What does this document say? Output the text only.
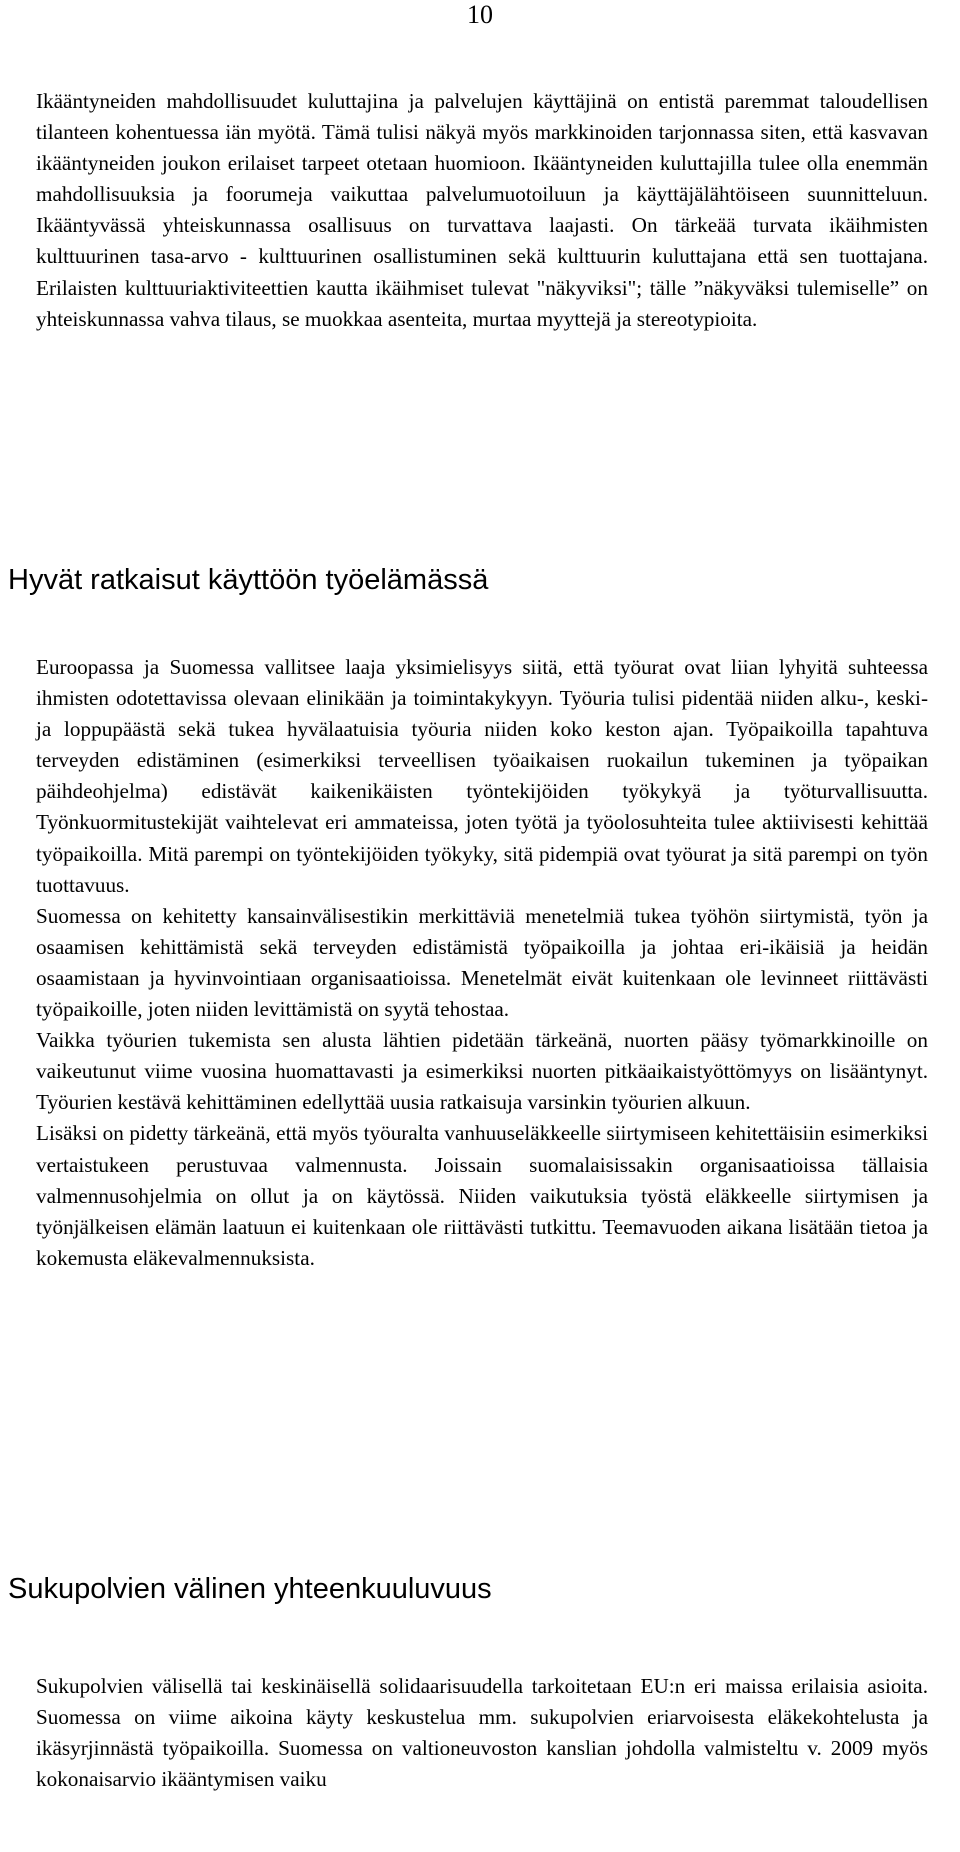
10

Ikääntyneiden mahdollisuudet kuluttajina ja palvelujen käyttäjinä on entistä paremmat taloudellisen tilanteen kohentuessa iän myötä. Tämä tulisi näkyä myös markkinoiden tarjonnassa siten, että kasvavan ikääntyneiden joukon erilaiset tarpeet otetaan huomioon. Ikääntyneiden kuluttajilla tulee olla enemmän mahdollisuuksia ja foorumeja vaikuttaa palvelumuotoiluun ja käyttäjälähtöiseen suunnitteluun. Ikääntyvässä yhteiskunnassa osallisuus on turvattava laajasti. On tärkeää turvata ikäihmisten kulttuurinen tasa-arvo - kulttuurinen osallistuminen sekä kulttuurin kuluttajana että sen tuottajana. Erilaisten kulttuuriaktiviteettien kautta ikäihmiset tulevat "näkyviksi"; tälle ”näkyväksi tulemiselle” on yhteiskunnassa vahva tilaus, se muokkaa asenteita, murtaa myyttejä ja stereotypioita.

Hyvät ratkaisut käyttöön työelämässä

Euroopassa ja Suomessa vallitsee laaja yksimielisyys siitä, että työurat ovat liian lyhyitä suhteessa ihmisten odotettavissa olevaan elinikään ja toimintakykyyn. Työuria tulisi pidentää niiden alku-, keski- ja loppupäästä sekä tukea hyvälaatuisia työuria niiden koko keston ajan. Työpaikoilla tapahtuva terveyden edistäminen (esimerkiksi terveellisen työaikaisen ruokailun tukeminen ja työpaikan päihdeohjelma) edistävät kaikenikäisten työntekijöiden työkykyä ja työturvallisuutta. Työnkuormitustekijät vaihtelevat eri ammateissa, joten työtä ja työolosuhteita tulee aktiivisesti kehittää työpaikoilla. Mitä parempi on työntekijöiden työkyky, sitä pidempiä ovat työurat ja sitä parempi on työn tuottavuus.

Suomessa on kehitetty kansainvälisestikin merkittäviä menetelmiä tukea työhön siirtymistä, työn ja osaamisen kehittämistä sekä terveyden edistämistä työpaikoilla ja johtaa eri-ikäisiä ja heidän osaamistaan ja hyvinvointiaan organisaatioissa. Menetelmät eivät kuitenkaan ole levinneet riittävästi työpaikoille, joten niiden levittämistä on syytä tehostaa.

Vaikka työurien tukemista sen alusta lähtien pidetään tärkeänä, nuorten pääsy työmarkkinoille on vaikeutunut viime vuosina huomattavasti ja esimerkiksi nuorten pitkäaikaistyöttömyys on lisääntynyt. Työurien kestävä kehittäminen edellyttää uusia ratkaisuja varsinkin työurien alkuun.

Lisäksi on pidetty tärkeänä, että myös työuralta vanhuuseläkkeelle siirtymiseen kehitettäisiin esimerkiksi vertaistukeen perustuvaa valmennusta. Joissain suomalaisissakin organisaatioissa tällaisia valmennusohjelmia on ollut ja on käytössä. Niiden vaikutuksia työstä eläkkeelle siirtymisen ja työnjälkeisen elämän laatuun ei kuitenkaan ole riittävästi tutkittu. Teemavuoden aikana lisätään tietoa ja kokemusta eläkevalmennuksista.

Sukupolvien välinen yhteenkuuluvuus

Sukupolvien välisellä tai keskinäisellä solidaarisuudella tarkoitetaan EU:n eri maissa erilaisia asioita. Suomessa on viime aikoina käyty keskustelua mm. sukupolvien eriarvoisesta eläkekohtelusta ja ikäsyrjinnästä työpaikoilla. Suomessa on valtioneuvoston kanslian johdolla valmisteltu v. 2009 myös kokonaisarvio ikääntymisen vaiku
